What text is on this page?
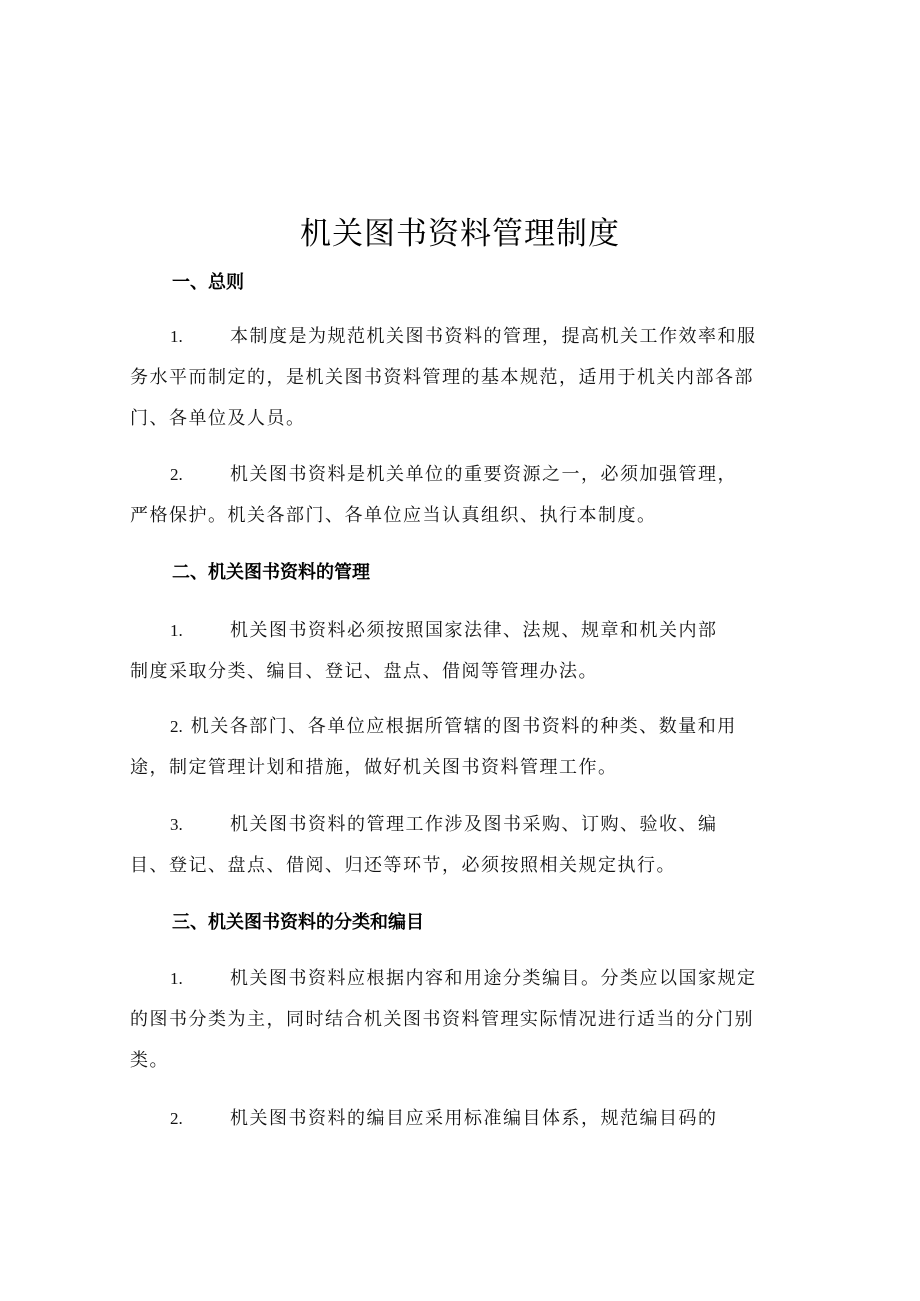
机关图书资料管理制度
一、总则
1.	本制度是为规范机关图书资料的管理，提高机关工作效率和服
务水平而制定的，是机关图书资料管理的基本规范，适用于机关内部各部
门、各单位及人员。
2.	机关图书资料是机关单位的重要资源之一，必须加强管理，
严格保护。机关各部门、各单位应当认真组织、执行本制度。
二、机关图书资料的管理
1.	机关图书资料必须按照国家法律、法规、规章和机关内部
制度采取分类、编目、登记、盘点、借阅等管理办法。
2. 机关各部门、各单位应根据所管辖的图书资料的种类、数量和用
途，制定管理计划和措施，做好机关图书资料管理工作。
3.	机关图书资料的管理工作涉及图书采购、订购、验收、编
目、登记、盘点、借阅、归还等环节，必须按照相关规定执行。
三、机关图书资料的分类和编目
1.	机关图书资料应根据内容和用途分类编目。分类应以国家规定
的图书分类为主，同时结合机关图书资料管理实际情况进行适当的分门别
类。
2.	机关图书资料的编目应采用标准编目体系，规范编目码的
